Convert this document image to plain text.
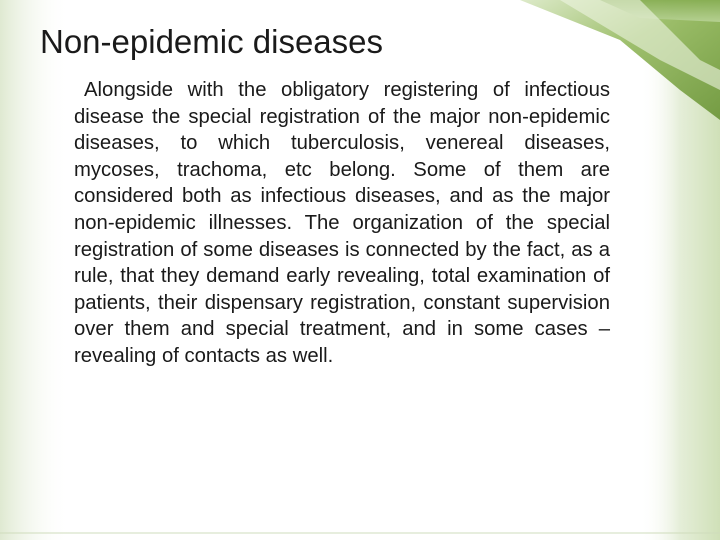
Non-epidemic diseases

Alongside with the obligatory registering of infectious disease the special registration of the major non-epidemic diseases, to which tuberculosis, venereal diseases, mycoses, trachoma, etc belong. Some of them are considered both as infectious diseases, and as the major non-epidemic illnesses. The organization of the special registration of some diseases is connected by the fact, as a rule, that they demand early revealing, total examination of patients, their dispensary registration, constant supervision over them and special treatment, and in some cases – revealing of contacts as well.
